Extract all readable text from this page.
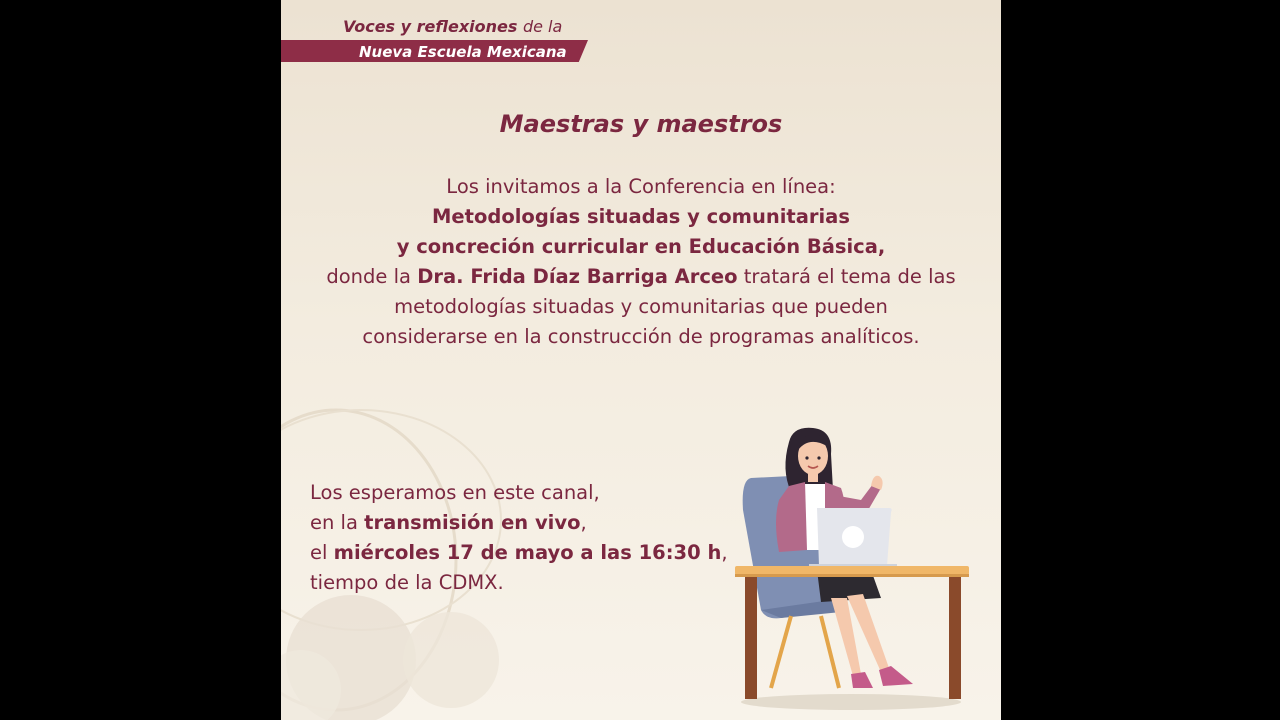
Voces y reflexiones de la
Nueva Escuela Mexicana
Maestras y maestros
Los invitamos a la Conferencia en línea:
Metodologías situadas y comunitarias
y concreción curricular en Educación Básica,
donde la Dra. Frida Díaz Barriga Arceo tratará el tema de las
metodologías situadas y comunitarias que pueden
considerarse en la construcción de programas analíticos.
Los esperamos en este canal,
en la transmisión en vivo,
el miércoles 17 de mayo a las 16:30 h,
tiempo de la CDMX.
